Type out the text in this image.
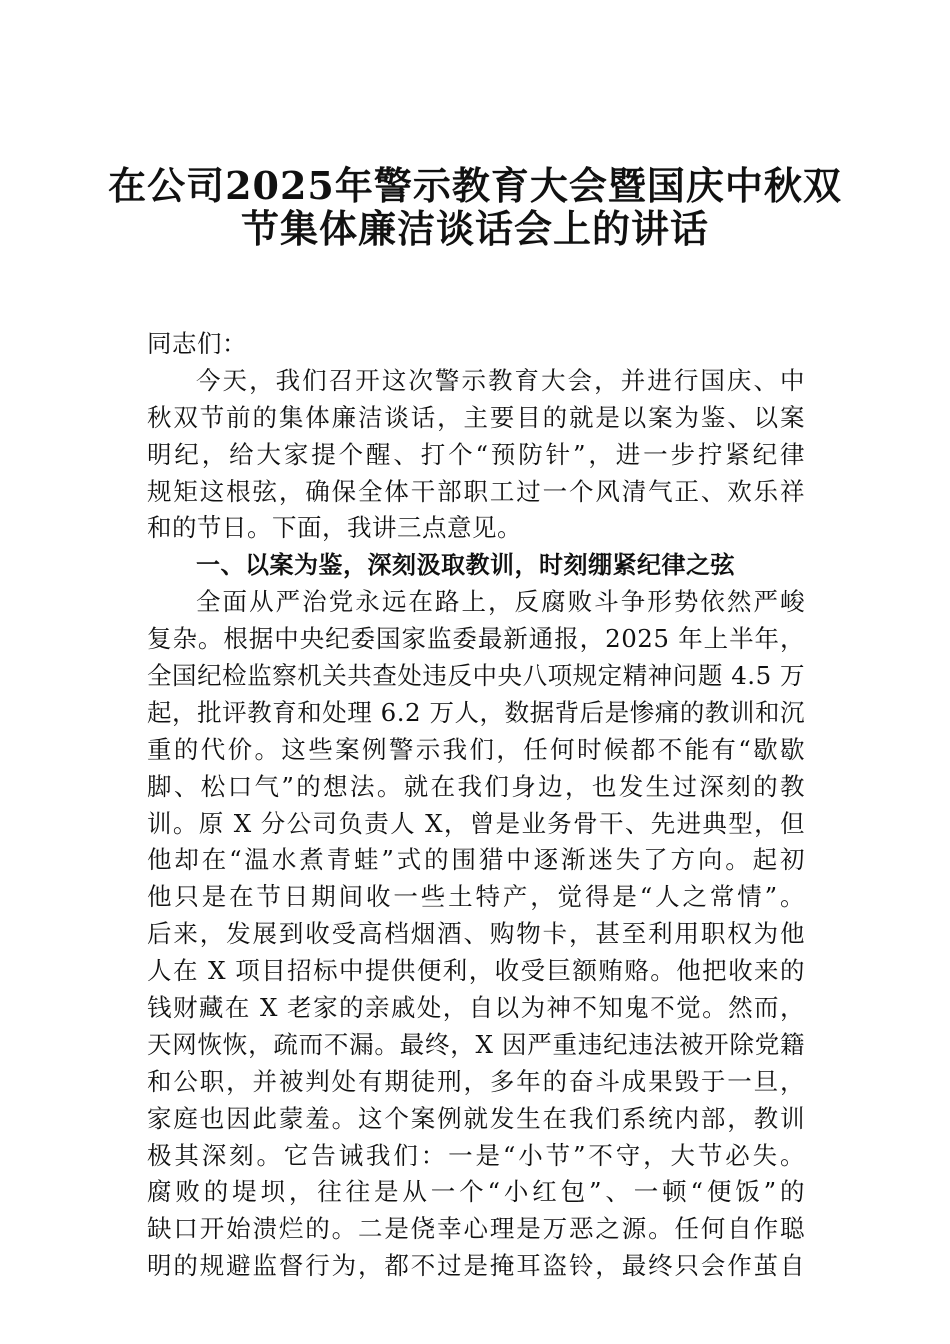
在公司2025年警示教育大会暨国庆中秋双
节集体廉洁谈话会上的讲话
同志们：
今天，我们召开这次警示教育大会，并进行国庆、中
秋双节前的集体廉洁谈话，主要目的就是以案为鉴、以案
明纪，给大家提个醒、打个“预防针”，进一步拧紧纪律
规矩这根弦，确保全体干部职工过一个风清气正、欢乐祥
和的节日。下面，我讲三点意见。
一、以案为鉴，深刻汲取教训，时刻绷紧纪律之弦
全面从严治党永远在路上，反腐败斗争形势依然严峻
复杂。根据中央纪委国家监委最新通报，2025 年上半年，
全国纪检监察机关共查处违反中央八项规定精神问题 4.5 万
起，批评教育和处理 6.2 万人，数据背后是惨痛的教训和沉
重的代价。这些案例警示我们，任何时候都不能有“歇歇
脚、松口气”的想法。就在我们身边，也发生过深刻的教
训。原 X 分公司负责人 X，曾是业务骨干、先进典型，但
他却在“温水煮青蛙”式的围猎中逐渐迷失了方向。起初
他只是在节日期间收一些土特产，觉得是“人之常情”。
后来，发展到收受高档烟酒、购物卡，甚至利用职权为他
人在 X 项目招标中提供便利，收受巨额贿赂。他把收来的
钱财藏在 X 老家的亲戚处，自以为神不知鬼不觉。然而，
天网恢恢，疏而不漏。最终，X 因严重违纪违法被开除党籍
和公职，并被判处有期徒刑，多年的奋斗成果毁于一旦，
家庭也因此蒙羞。这个案例就发生在我们系统内部，教训
极其深刻。它告诫我们：一是“小节”不守，大节必失。
腐败的堤坝，往往是从一个“小红包”、一顿“便饭”的
缺口开始溃烂的。二是侥幸心理是万恶之源。任何自作聪
明的规避监督行为，都不过是掩耳盗铃，最终只会作茧自
